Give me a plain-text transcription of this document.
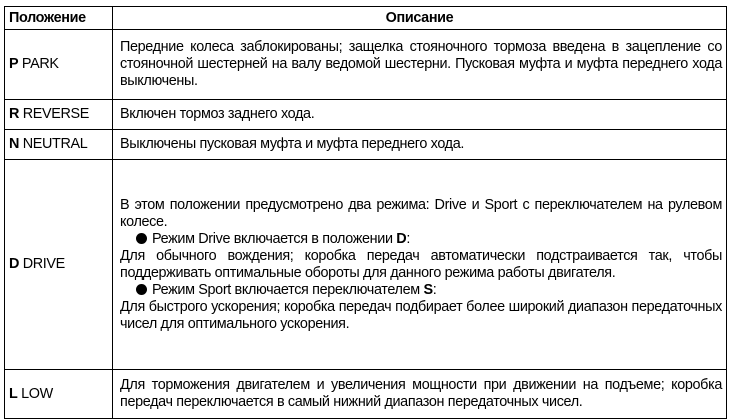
Положение	Описание
P PARK	Передние колеса заблокированы; защелка стояночного тормоза введена в зацепление со стояночной шестерней на валу ведомой шестерни. Пусковая муфта и муфта переднего хода выключены.

R REVERSE	Включен тормоз заднего хода.

N NEUTRAL	Выключены пусковая муфта и муфта переднего хода.

D DRIVE	В этом положении предусмотрено два режима: Drive и Sport с переключателем на рулевом колесе.

Режим Drive включается в положении D:

Для обычного вождения; коробка передач автоматически подстраивается так, чтобы поддерживать оптимальные обороты для данного режима работы двигателя.

Режим Sport включается переключателем S:

Для быстрого ускорения; коробка передач подбирает более широкий диапазон передаточных чисел для оптимального ускорения.

L LOW	Для торможения двигателем и увеличения мощности при движении на подъеме; коробка передач переключается в самый нижний диапазон передаточных чисел.
